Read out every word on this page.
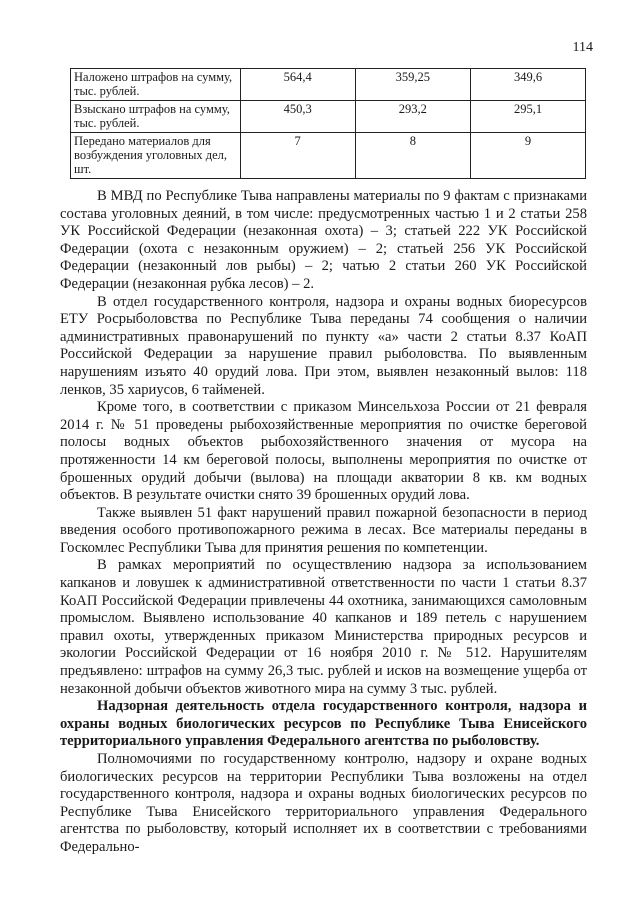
114
Наложено штрафов на сумму, тыс. рублей.	564,4	359,25	349,6
Взыскано штрафов на сумму, тыс. рублей.	450,3	293,2	295,1
Передано материалов для возбуждения уголовных дел, шт.	7	8	9

В МВД по Республике Тыва направлены материалы по 9 фактам с признаками состава уголовных деяний, в том числе: предусмотренных частью 1 и 2 статьи 258 УК Российской Федерации (незаконная охота) – 3; статьей 222 УК Российской Федерации (охота с незаконным оружием) – 2; статьей 256 УК Российской Федерации (незаконный лов рыбы) – 2; чатью 2 статьи 260 УК Российской Федерации (незаконная рубка лесов) – 2.

В отдел государственного контроля, надзора и охраны водных биоресурсов ЕТУ Росрыболовства по Республике Тыва переданы 74 сообщения о наличии административных правонарушений по пункту «а» части 2 статьи 8.37 КоАП Российской Федерации за нарушение правил рыболовства. По выявленным нарушениям изъято 40 орудий лова. При этом, выявлен незаконный вылов: 118 ленков, 35 хариусов, 6 таймeней.

Кроме того, в соответствии с приказом Минсельхоза России от 21 февраля 2014 г. № 51 проведены рыбохозяйственные мероприятия по очистке береговой полосы водных объектов рыбохозяйственного значения от мусора на протяженности 14 км береговой полосы, выполнены мероприятия по очистке от брошенных орудий добычи (вылова) на площади акватории 8 кв. км водных объектов. В результате очистки снято 39 брошенных орудий лова.

Также выявлен 51 факт нарушений правил пожарной безопасности в период введения особого противопожарного режима в лесах. Все материалы переданы в Госкомлес Республики Тыва для принятия решения по компетенции.

В рамках мероприятий по осуществлению надзора за использованием капканов и ловушек к административной ответственности по части 1 статьи 8.37 КоАП Российской Федерации привлечены 44 охотника, занимающихся самоловным промыслом. Выявлено использование 40 капканов и 189 петель с нарушением правил охоты, утвержденных приказом Министерства природных ресурсов и экологии Российской Федерации от 16 ноября 2010 г. № 512. Нарушителям предъявлено: штрафов на сумму 26,3 тыс. рублей и исков на возмещение ущерба от незаконной добычи объектов животного мира на сумму 3 тыс. рублей.

Надзорная деятельность отдела государственного контроля, надзора и охраны водных биологических ресурсов по Республике Тыва Енисейского территориального управления Федерального агентства по рыболовству.

Полномочиями по государственному контролю, надзору и охране водных биологических ресурсов на территории Республики Тыва возложены на отдел государственного контроля, надзора и охраны водных биологических ресурсов по Республике Тыва Енисейского территориального управления Федерального агентства по рыболовству, который исполняет их в соответствии с требованиями Федерально-
